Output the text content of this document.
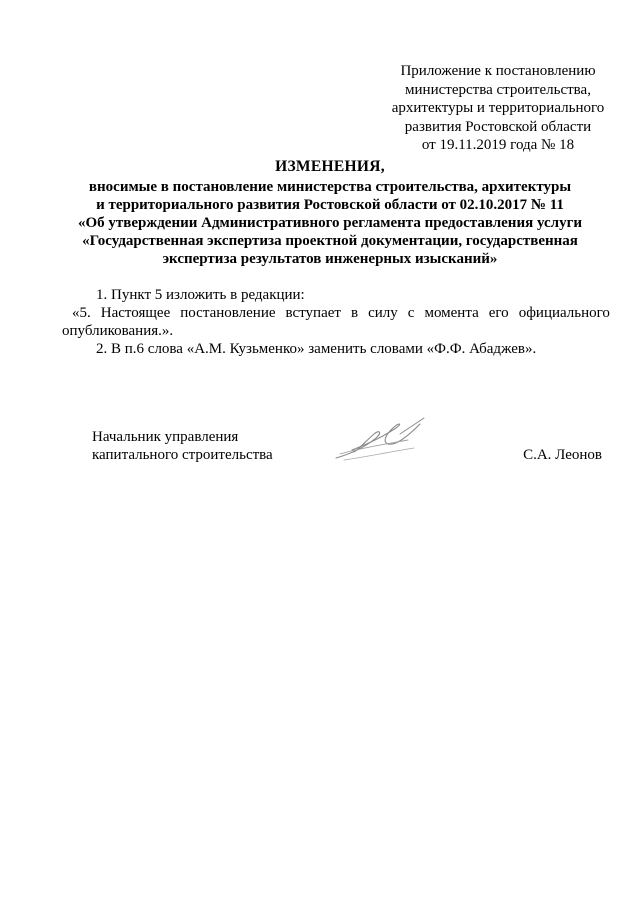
Приложение к постановлению
министерства строительства,
архитектуры и территориального
развития Ростовской области
от 19.11.2019 года № 18
ИЗМЕНЕНИЯ,
вносимые в постановление министерства строительства, архитектуры
и территориального развития Ростовской области от 02.10.2017 № 11
«Об утверждении Административного регламента предоставления услуги
«Государственная экспертиза проектной документации, государственная
экспертиза результатов инженерных изысканий»
1. Пункт 5 изложить в редакции:
«5. Настоящее постановление вступает в силу с момента его официального
опубликования.».
2. В п.6 слова «А.М. Кузьменко» заменить словами «Ф.Ф. Абаджев».
Начальник управления
капитального строительства	С.А. Леонов
